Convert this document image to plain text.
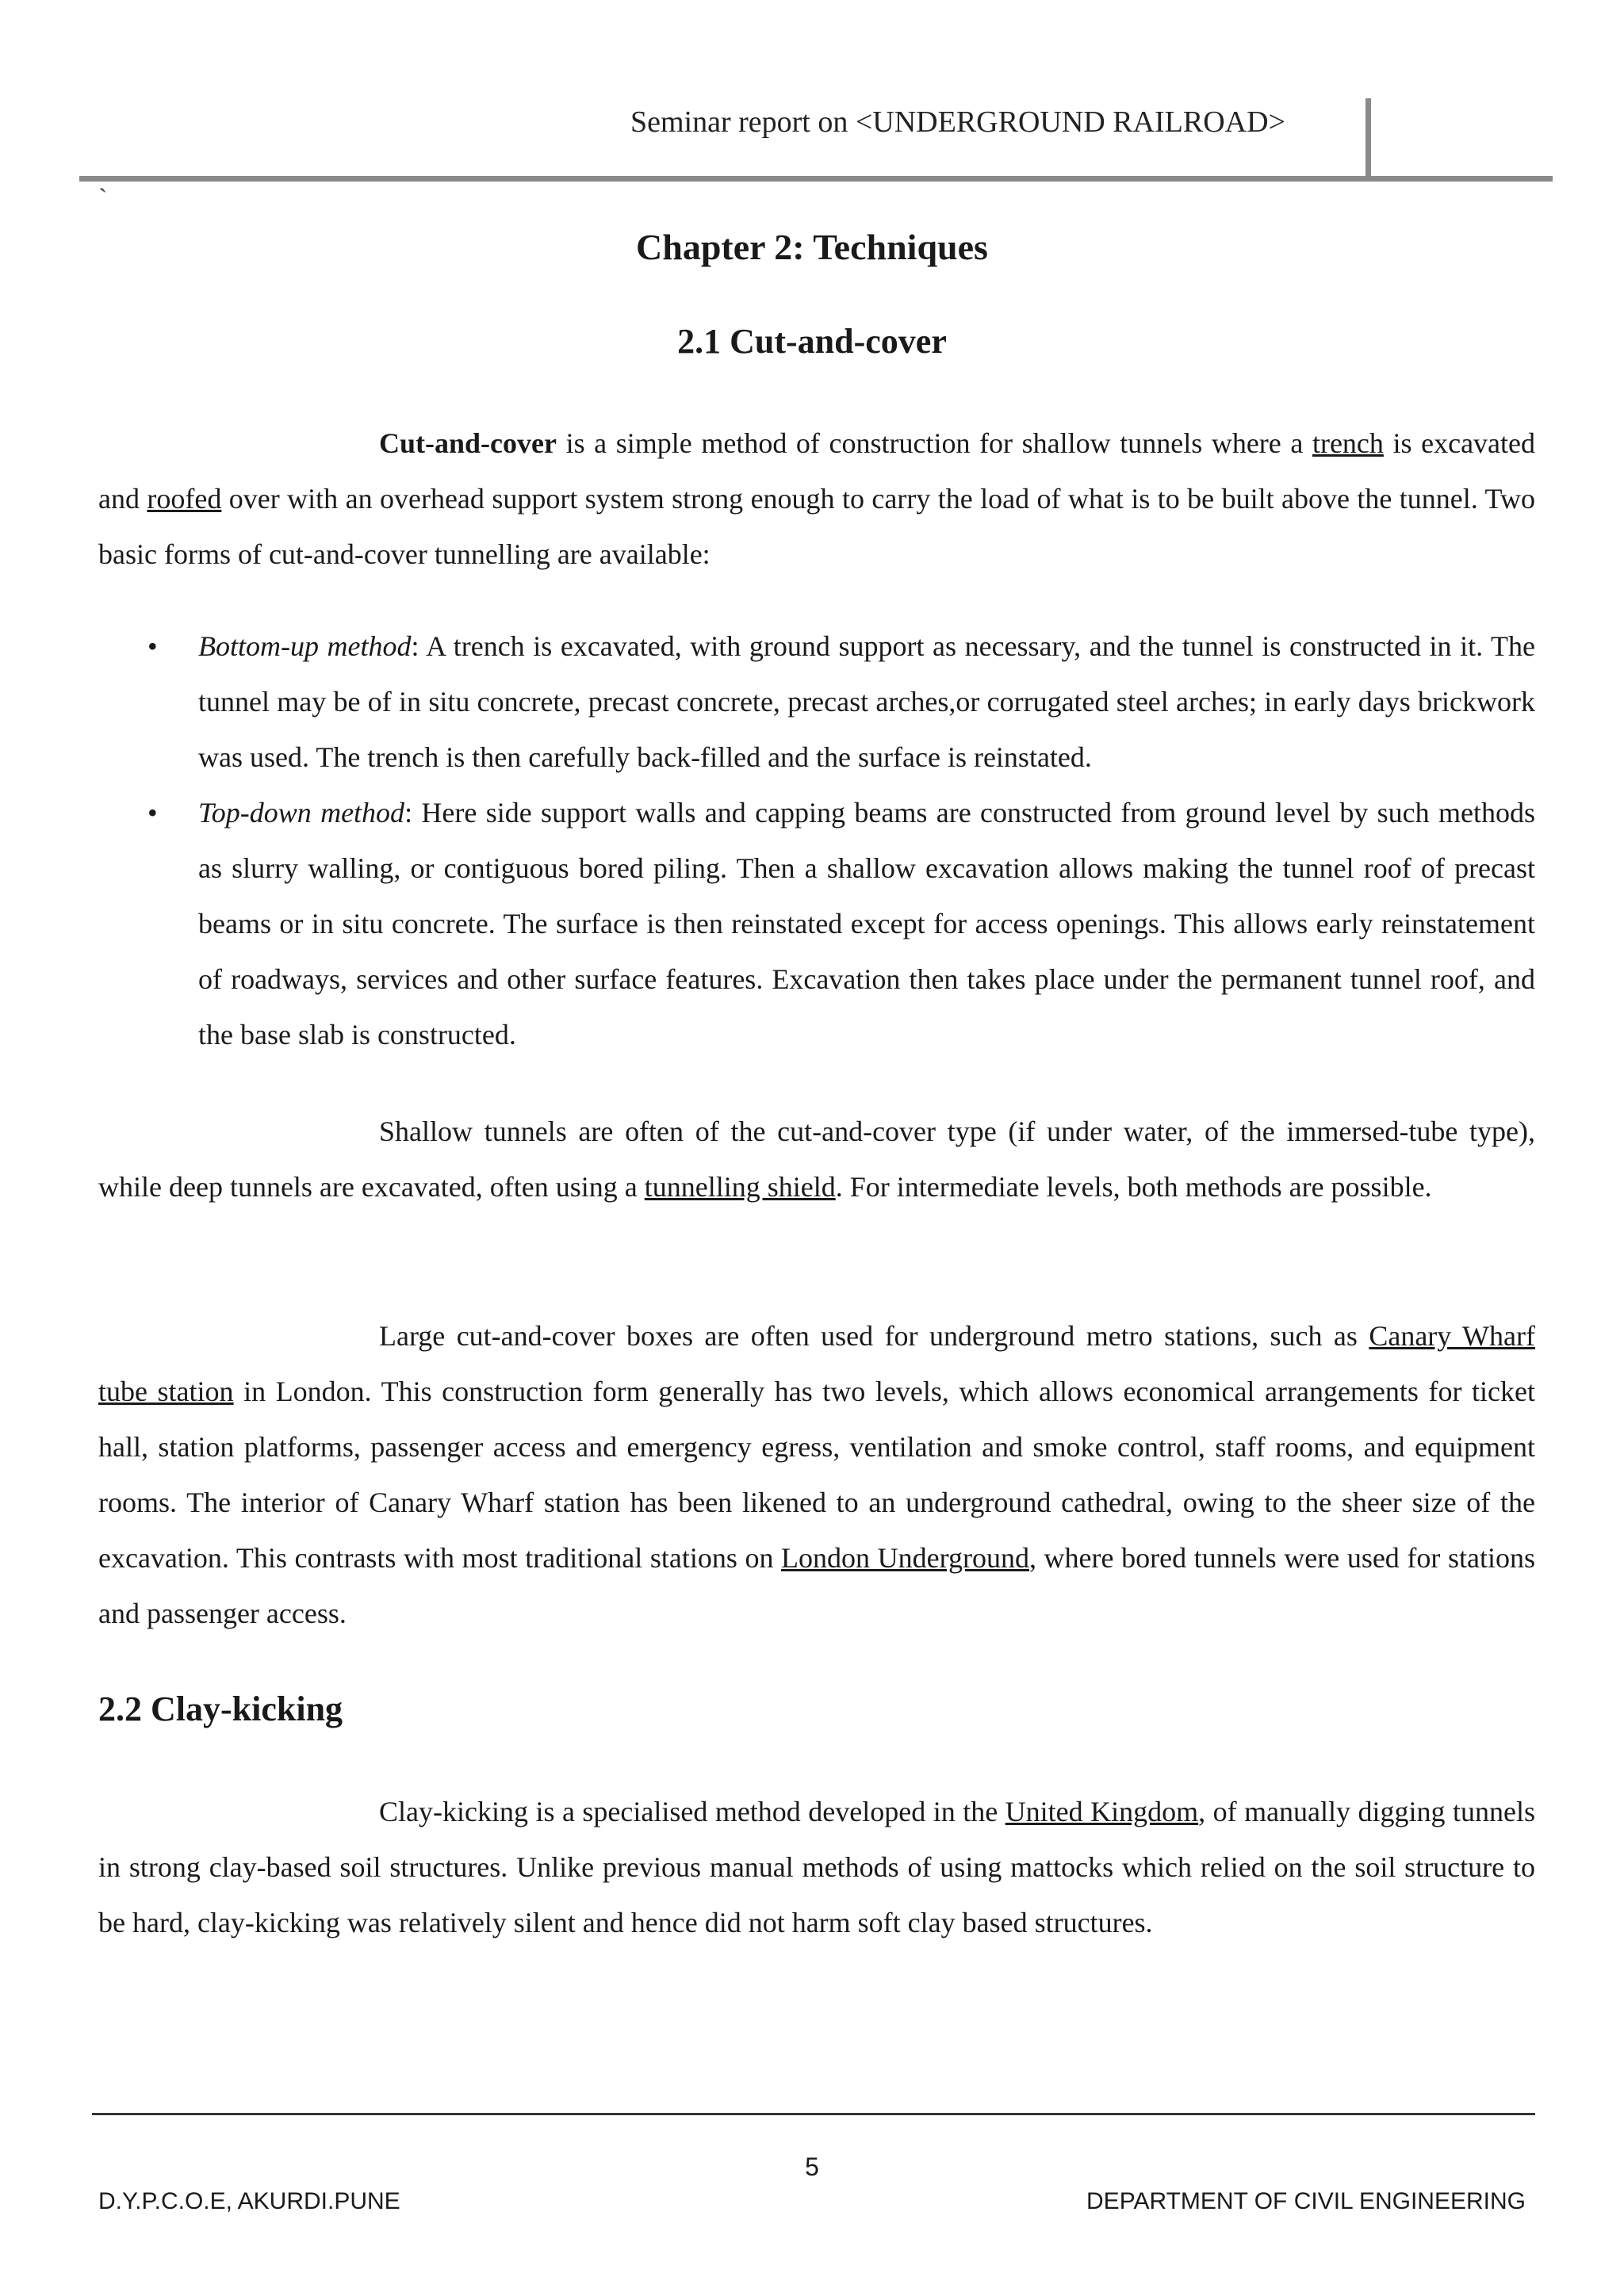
Seminar report on <UNDERGROUND RAILROAD>
`
Chapter 2: Techniques
2.1 Cut-and-cover

Cut-and-cover is a simple method of construction for shallow tunnels where a trench is excavated and roofed over with an overhead support system strong enough to carry the load of what is to be built above the tunnel. Two basic forms of cut-and-cover tunnelling are available:

• Bottom-up method: A trench is excavated, with ground support as necessary, and the tunnel is constructed in it. The tunnel may be of in situ concrete, precast concrete, precast arches,or corrugated steel arches; in early days brickwork was used. The trench is then carefully back-filled and the surface is reinstated.
• Top-down method: Here side support walls and capping beams are constructed from ground level by such methods as slurry walling, or contiguous bored piling. Then a shallow excavation allows making the tunnel roof of precast beams or in situ concrete. The surface is then reinstated except for access openings. This allows early reinstatement of roadways, services and other surface features. Excavation then takes place under the permanent tunnel roof, and the base slab is constructed.

Shallow tunnels are often of the cut-and-cover type (if under water, of the immersed-tube type), while deep tunnels are excavated, often using a tunnelling shield. For intermediate levels, both methods are possible.

Large cut-and-cover boxes are often used for underground metro stations, such as Canary Wharf tube station in London. This construction form generally has two levels, which allows economical arrangements for ticket hall, station platforms, passenger access and emergency egress, ventilation and smoke control, staff rooms, and equipment rooms. The interior of Canary Wharf station has been likened to an underground cathedral, owing to the sheer size of the excavation. This contrasts with most traditional stations on London Underground, where bored tunnels were used for stations and passenger access.

2.2 Clay-kicking

Clay-kicking is a specialised method developed in the United Kingdom, of manually digging tunnels in strong clay-based soil structures. Unlike previous manual methods of using mattocks which relied on the soil structure to be hard, clay-kicking was relatively silent and hence did not harm soft clay based structures.

5
D.Y.P.C.O.E, AKURDI.PUNE	DEPARTMENT OF CIVIL ENGINEERING
